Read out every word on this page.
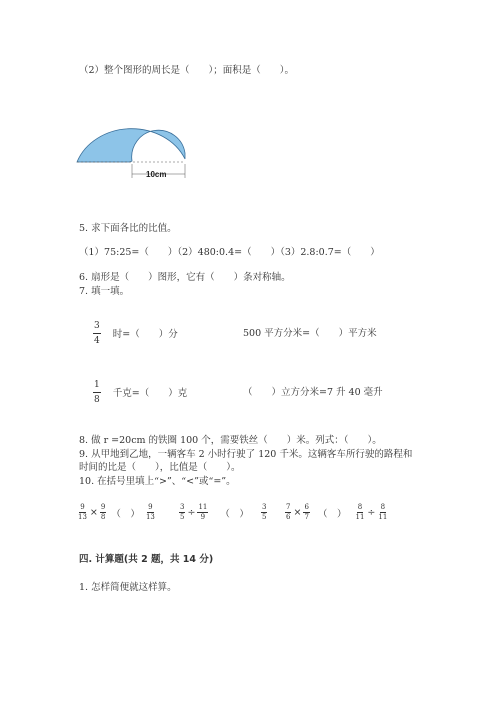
（2）整个图形的周长是（　　）；面积是（　　）。
10cm
5. 求下面各比的比值。
（1）75:25=（　　）（2）480:0.4=（　　）（3）2.8:0.7=（　　）
6. 扇形是（　　）图形，它有（　　）条对称轴。
7. 填一填。
$\frac{3}{4}$ 时=（　　）分	500 平方分米=（　　）平方米
$\frac{1}{8}$ 千克=（　　）克	（　　）立方分米=7 升 40 毫升
8. 做 r =20cm 的铁圈 100 个，需要铁丝（　　）米。列式：（　　）。
9. 从甲地到乙地，一辆客车 2 小时行驶了 120 千米。这辆客车所行驶的路程和
时间的比是（　　），比值是（　　）。
10. 在括号里填上“>”、“<”或“=”。
$\frac{9}{13} \times \frac{9}{8}$ （　） $\frac{9}{13}$	$\frac{3}{5} \div \frac{11}{9}$ （　） $\frac{3}{5}$	$\frac{7}{6} \times \frac{6}{7}$ （　） $\frac{8}{11} \div \frac{8}{11}$
四. 计算题(共 2 题，共 14 分)
1. 怎样简便就这样算。
